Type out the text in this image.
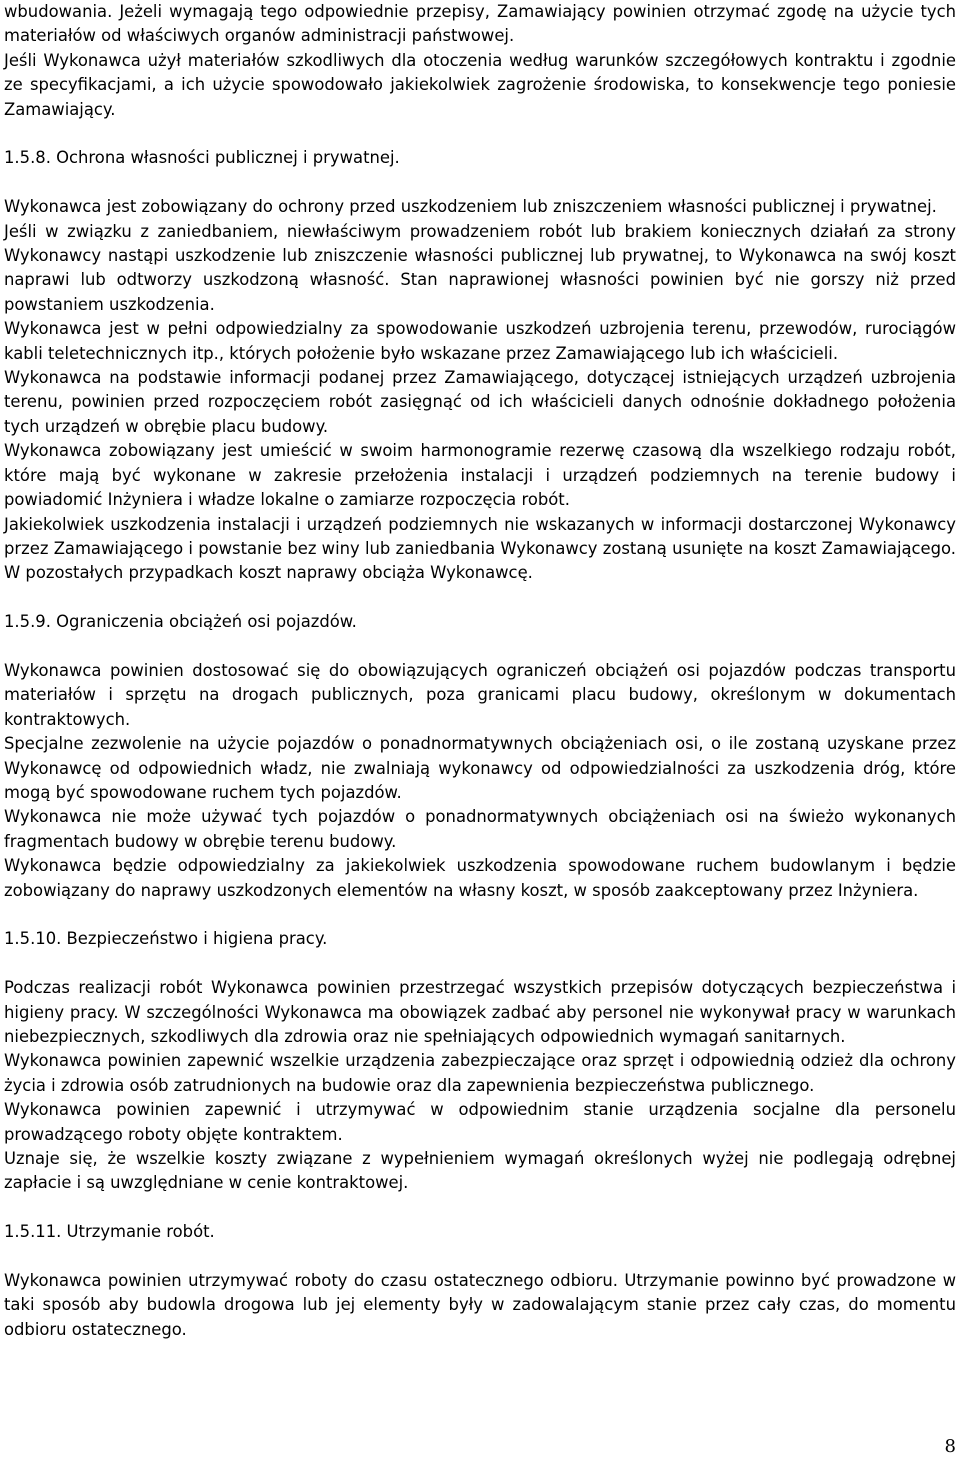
wbudowania. Jeżeli wymagają tego odpowiednie przepisy, Zamawiający powinien otrzymać zgodę na użycie tych materiałów od właściwych organów administracji państwowej.

Jeśli Wykonawca użył materiałów szkodliwych dla otoczenia według warunków szczegółowych kontraktu i zgodnie ze specyfikacjami, a ich użycie spowodowało jakiekolwiek zagrożenie środowiska, to konsekwencje tego poniesie Zamawiający.

1.5.8. Ochrona własności publicznej i prywatnej.

Wykonawca jest zobowiązany do ochrony przed uszkodzeniem lub zniszczeniem własności publicznej i prywatnej.

Jeśli w związku z zaniedbaniem, niewłaściwym prowadzeniem robót lub brakiem koniecznych działań za strony Wykonawcy nastąpi uszkodzenie lub zniszczenie własności publicznej lub prywatnej, to Wykonawca na swój koszt naprawi lub odtworzy uszkodzoną własność. Stan naprawionej własności powinien być nie gorszy niż przed powstaniem uszkodzenia.

Wykonawca jest w pełni odpowiedzialny za spowodowanie uszkodzeń uzbrojenia terenu, przewodów, rurociągów kabli teletechnicznych itp., których położenie było wskazane przez Zamawiającego lub ich właścicieli.

Wykonawca na podstawie informacji podanej przez Zamawiającego, dotyczącej istniejących urządzeń uzbrojenia terenu, powinien przed rozpoczęciem robót zasięgnąć od ich właścicieli danych odnośnie dokładnego położenia tych urządzeń w obrębie placu budowy.

Wykonawca zobowiązany jest umieścić w swoim harmonogramie rezerwę czasową dla wszelkiego rodzaju robót, które mają być wykonane w zakresie przełożenia instalacji i urządzeń podziemnych na terenie budowy i powiadomić Inżyniera i władze lokalne o zamiarze rozpoczęcia robót.

Jakiekolwiek uszkodzenia instalacji i urządzeń podziemnych nie wskazanych w informacji dostarczonej Wykonawcy przez Zamawiającego i powstanie bez winy lub zaniedbania Wykonawcy zostaną usunięte na koszt Zamawiającego. W pozostałych przypadkach koszt naprawy obciąża Wykonawcę.

1.5.9. Ograniczenia obciążeń osi pojazdów.

Wykonawca powinien dostosować się do obowiązujących ograniczeń obciążeń osi pojazdów podczas transportu materiałów i sprzętu na drogach publicznych, poza granicami placu budowy, określonym w dokumentach kontraktowych.

Specjalne zezwolenie na użycie pojazdów o ponadnormatywnych obciążeniach osi, o ile zostaną uzyskane przez Wykonawcę od odpowiednich władz, nie zwalniają wykonawcy od odpowiedzialności za uszkodzenia dróg, które mogą być spowodowane ruchem tych pojazdów.

Wykonawca nie może używać tych pojazdów o ponadnormatywnych obciążeniach osi na świeżo wykonanych fragmentach budowy w obrębie terenu budowy.

Wykonawca będzie odpowiedzialny za jakiekolwiek uszkodzenia spowodowane ruchem budowlanym i będzie zobowiązany do naprawy uszkodzonych elementów na własny koszt, w sposób zaakceptowany przez Inżyniera.

1.5.10. Bezpieczeństwo i higiena pracy.

Podczas realizacji robót Wykonawca powinien przestrzegać wszystkich przepisów dotyczących bezpieczeństwa i higieny pracy. W szczególności Wykonawca ma obowiązek zadbać aby personel nie wykonywał pracy w warunkach niebezpiecznych, szkodliwych dla zdrowia oraz nie spełniających odpowiednich wymagań sanitarnych.

Wykonawca powinien zapewnić wszelkie urządzenia zabezpieczające oraz sprzęt i odpowiednią odzież dla ochrony życia i zdrowia osób zatrudnionych na budowie oraz dla zapewnienia bezpieczeństwa publicznego.

Wykonawca powinien zapewnić i utrzymywać w odpowiednim stanie urządzenia socjalne dla personelu prowadzącego roboty objęte kontraktem.

Uznaje się, że wszelkie koszty związane z wypełnieniem wymagań określonych wyżej nie podlegają odrębnej zapłacie i są uwzględniane w cenie kontraktowej.

1.5.11. Utrzymanie robót.

Wykonawca powinien utrzymywać roboty do czasu ostatecznego odbioru. Utrzymanie powinno być prowadzone w taki sposób aby budowla drogowa lub jej elementy były w zadowalającym stanie przez cały czas, do momentu odbioru ostatecznego.

8
